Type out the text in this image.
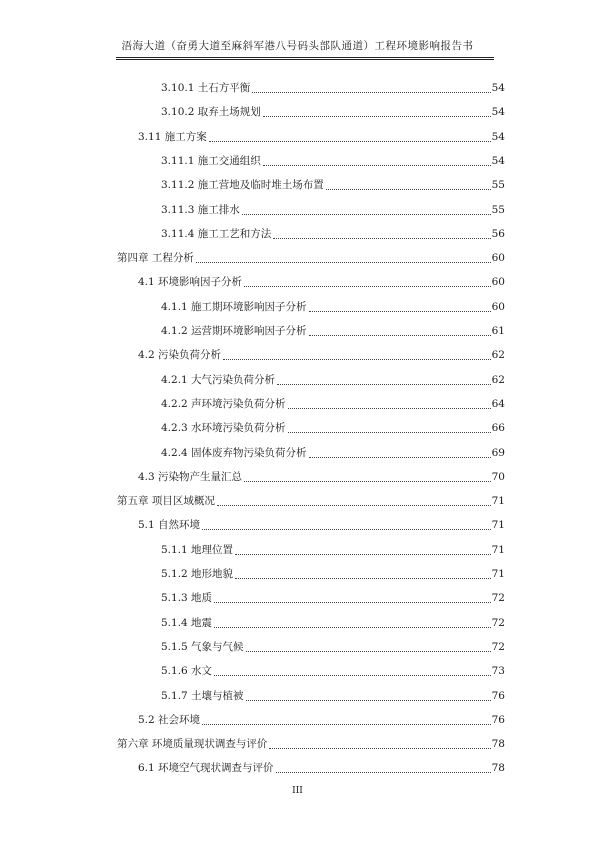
浯海大道（奋勇大道至麻斜军港八号码头部队通道）工程环境影响报告书
3.10.1 土石方平衡	54
3.10.2 取弃土场规划	54
3.11 施工方案	54
3.11.1 施工交通组织	54
3.11.2 施工营地及临时堆土场布置	55
3.11.3 施工排水	55
3.11.4 施工工艺和方法	56
第四章 工程分析	60
4.1 环境影响因子分析	60
4.1.1 施工期环境影响因子分析	60
4.1.2 运营期环境影响因子分析	61
4.2 污染负荷分析	62
4.2.1 大气污染负荷分析	62
4.2.2 声环境污染负荷分析	64
4.2.3 水环境污染负荷分析	66
4.2.4 固体废弃物污染负荷分析	69
4.3 污染物产生量汇总	70
第五章 项目区域概况	71
5.1 自然环境	71
5.1.1 地理位置	71
5.1.2 地形地貌	71
5.1.3 地质	72
5.1.4 地震	72
5.1.5 气象与气候	72
5.1.6 水文	73
5.1.7 土壤与植被	76
5.2 社会环境	76
第六章 环境质量现状调查与评价	78
6.1 环境空气现状调查与评价	78
III
